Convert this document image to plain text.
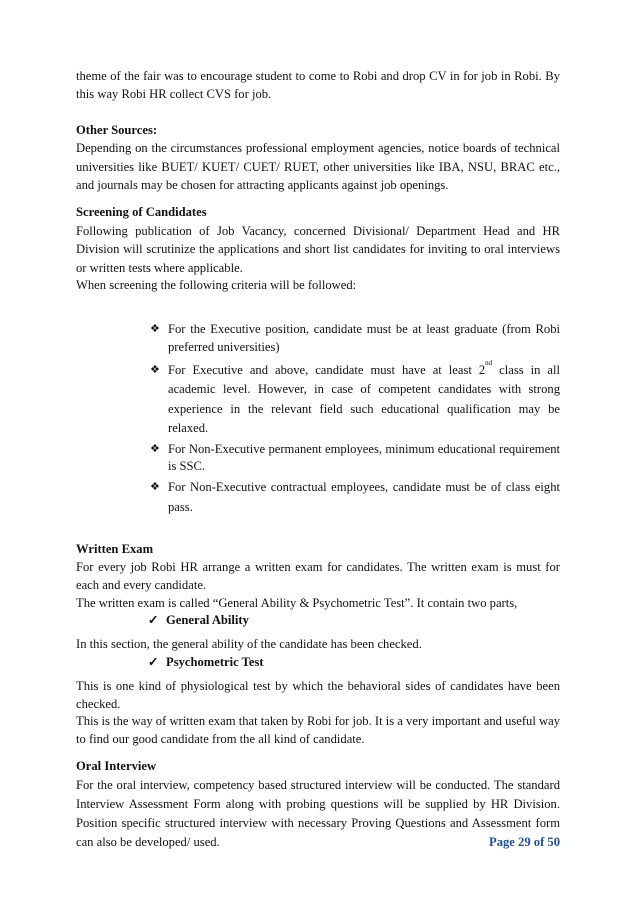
theme of the fair was to encourage student to come to Robi and drop CV in for job in Robi. By this way Robi HR collect CVS for job.

Other Sources:

Depending on the circumstances professional employment agencies, notice boards of technical universities like BUET/ KUET/ CUET/ RUET, other universities like IBA, NSU, BRAC etc., and journals may be chosen for attracting applicants against job openings.

Screening of Candidates

Following publication of Job Vacancy, concerned Divisional/ Department Head and HR Division will scrutinize the applications and short list candidates for inviting to oral interviews or written tests where applicable.

When screening the following criteria will be followed:

❖ For the Executive position, candidate must be at least graduate (from Robi preferred universities)
❖ For Executive and above, candidate must have at least 2nd class in all academic level. However, in case of competent candidates with strong experience in the relevant field such educational qualification may be relaxed.
❖ For Non-Executive permanent employees, minimum educational requirement is SSC.
❖ For Non-Executive contractual employees, candidate must be of class eight pass.
Written Exam

For every job Robi HR arrange a written exam for candidates. The written exam is must for each and every candidate.

The written exam is called “General Ability & Psychometric Test”. It contain two parts,

✓ General Ability

In this section, the general ability of the candidate has been checked.

✓ Psychometric Test

This is one kind of physiological test by which the behavioral sides of candidates have been checked.

This is the way of written exam that taken by Robi for job. It is a very important and useful way to find our good candidate from the all kind of candidate.

Oral Interview

For the oral interview, competency based structured interview will be conducted. The standard Interview Assessment Form along with probing questions will be supplied by HR Division. Position specific structured interview with necessary Proving Questions and Assessment form can also be developed/ used.	Page 29 of 50
